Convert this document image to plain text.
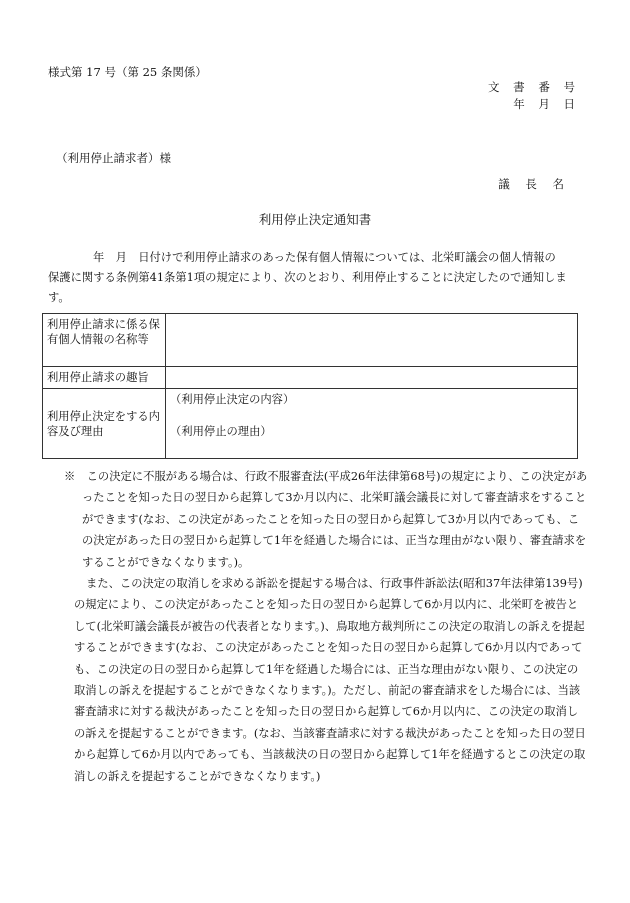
様式第 17 号（第 25 条関係）
文 書 番 号
年 月 日
（利用停止請求者）様
議 長 名
利用停止決定通知書

年　月　日付けで利用停止請求のあった保有個人情報については、北栄町議会の個人情報の

保護に関する条例第41条第1項の規定により、次のとおり、利用停止することに決定したので通知します。

利用停止請求に係る保有個人情報の名称等	
利用停止請求の趣旨	
利用停止決定をする内容及び理由	（利用停止決定の内容）
（利用停止の理由）

※　この決定に不服がある場合は、行政不服審査法(平成26年法律第68号)の規定により、この決定があったことを知った日の翌日から起算して3か月以内に、北栄町議会議長に対して審査請求をすることができます(なお、この決定があったことを知った日の翌日から起算して3か月以内であっても、この決定があった日の翌日から起算して1年を経過した場合には、正当な理由がない限り、審査請求をすることができなくなります。)。

また、この決定の取消しを求める訴訟を提起する場合は、行政事件訴訟法(昭和37年法律第139号)の規定により、この決定があったことを知った日の翌日から起算して6か月以内に、北栄町を被告として(北栄町議会議長が被告の代表者となります。)、鳥取地方裁判所にこの決定の取消しの訴えを提起することができます(なお、この決定があったことを知った日の翌日から起算して6か月以内であっても、この決定の日の翌日から起算して1年を経過した場合には、正当な理由がない限り、この決定の取消しの訴えを提起することができなくなります。)。ただし、前記の審査請求をした場合には、当該審査請求に対する裁決があったことを知った日の翌日から起算して6か月以内に、この決定の取消しの訴えを提起することができます。(なお、当該審査請求に対する裁決があったことを知った日の翌日から起算して6か月以内であっても、当該裁決の日の翌日から起算して1年を経過するとこの決定の取消しの訴えを提起することができなくなります。)
